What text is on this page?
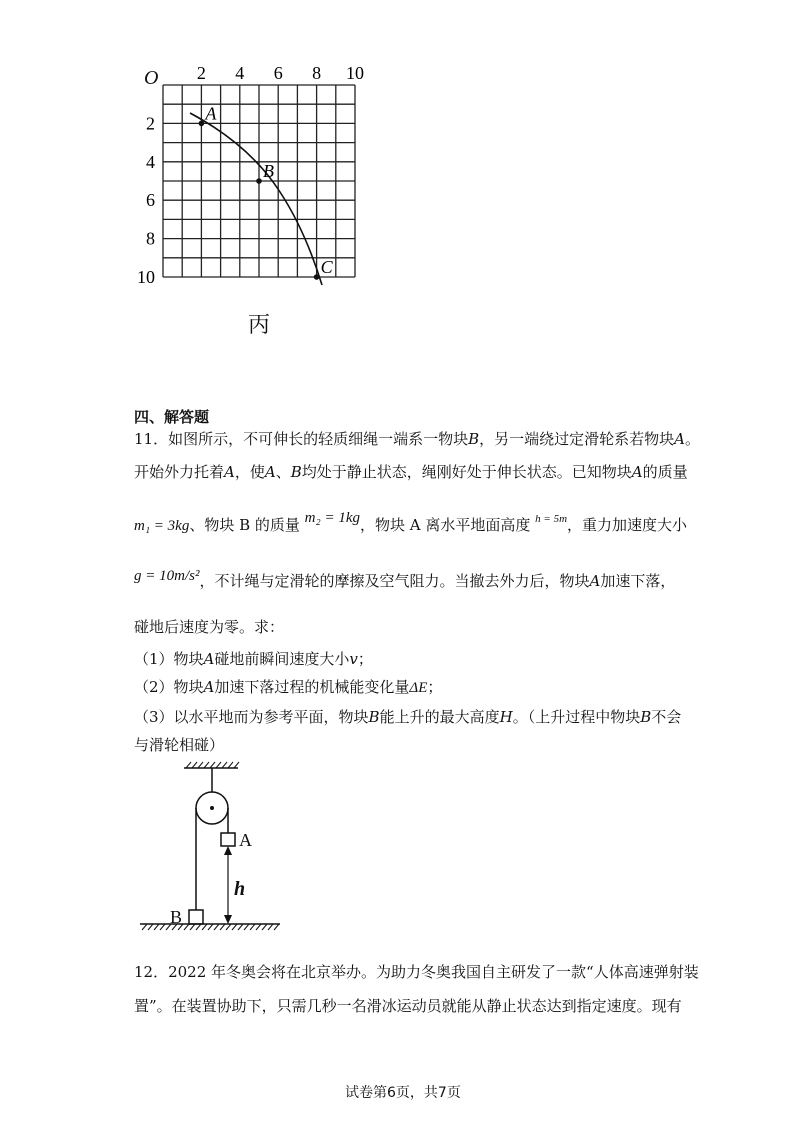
O 2 4 6 8 10
2
4
6
8
10
A
B
C
丙
四、解答题
11．如图所示，不可伸长的轻质细绳一端系一物块B，另一端绕过定滑轮系若物块A。
开始外力托着A，使A、B均处于静止状态，绳刚好处于伸长状态。已知物块A的质量
m₁ = 3kg、物块 B 的质量 m₂ = 1kg，物块 A 离水平地面高度 $^{h = 5m}$，重力加速度大小
g = 10m/s²，不计绳与定滑轮的摩擦及空气阻力。当撤去外力后，物块A加速下落，
碰地后速度为零。求：
（1）物块A碰地前瞬间速度大小v；
（2）物块A加速下落过程的机械能变化量ΔE；
（3）以水平地而为参考平面，物块B能上升的最大高度H。（上升过程中物块B不会
与滑轮相碰）
A
h
B
12．2022 年冬奥会将在北京举办。为助力冬奥我国自主研发了一款“人体高速弹射装
置”。在装置协助下，只需几秒一名滑冰运动员就能从静止状态达到指定速度。现有
试卷第6页，共7页
